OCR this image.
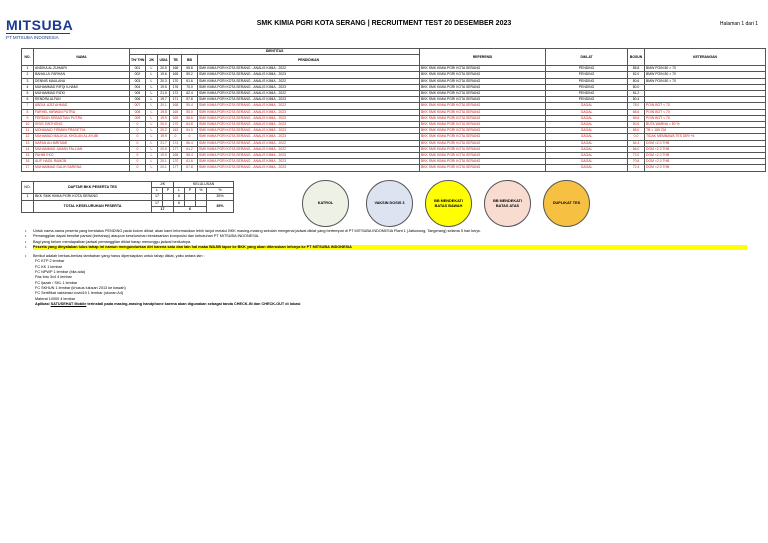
MITSUBA
PT MITSUBA INDONESIA
SMK KIMIA PGRI KOTA SERANG | RECRUITMENT TEST 20 DESEMBER 2023	Halaman 1 dari 1
NO.	NAMA	IDENTITAS						REFERENSI	DIKLAT	BOSUN	KETERANGAN
		TH/ THN	J/K	USIA	TB	BB	PENDIDIKAN				

1	ANDIKA AL ZUHAIRI	001	L	20.5	168	55.8	SMK KIMIA PGRI KOTA SERANG - ANALIS KIMIA - 2022	BKK SMK KIMIA PGRI KOTA SERANG	PENDING	85.8	BMW POIN 80 > 70
2	BAHALUL FARHAN	002	L	19.6	165	59.2	SMK KIMIA PGRI KOTA SERANG - ANALIS KIMIA - 2023	BKK SMK KIMIA PGRI KOTA SERANG	PENDING	82.0	BMW POIN 80 > 70
3	DENNIS MAULANA	003	L	20.3	170	61.6	SMK KIMIA PGRI KOTA SERANG - ANALIS KIMIA - 2022	BKK SMK KIMIA PGRI KOTA SERANG	PENDING	80.6	BMW POIN 80 > 70
4	MUHAMMAD RIFQI ILHAMI	004	L	19.5	176	70.0	SMK KIMIA PGRI KOTA SERANG - ANALIS KIMIA - 2023	BKK SMK KIMIA PGRI KOTA SERANG	PENDING	80.0	
5	MUHAMMAD RIZKI	005	L	21.0	172	62.4	SMK KIMIA PGRI KOTA SERANG - ANALIS KIMIA - 2022	BKK SMK KIMIA PGRI KOTA SERANG	PENDING	81.2	
6	RENDRA ALFAN	006	L	19.7	171	57.8	SMK KIMIA PGRI KOTA SERANG - ANALIS KIMIA - 2023	BKK SMK KIMIA PGRI KOTA SERANG	PENDING	80.4	
7	ABDUL AZIZ AHMAD	007	L	20.1	168	50.4	SMK KIMIA PGRI KOTA SERANG - ANALIS KIMIA - 2022	BKK SMK KIMIA PGRI KOTA SERANG	GAGAL	78.0	POIN BOT < 70
8	FARHEL NIRWAN PUTRA	008	L	19.8	165	55.0	SMK KIMIA PGRI KOTA SERANG - ANALIS KIMIA - 2023	BKK SMK KIMIA PGRI KOTA SERANG	GAGAL	68.6	POIN BOT < 70
9	FERDIAN SEBASTIAN PUTRA	009	L	19.9	169	58.6	SMK KIMIA PGRI KOTA SERANG - ANALIS KIMIA - 2023	BKK SMK KIMIA PGRI KOTA SERANG	GAGAL	65.6	POIN BOT < 70
10	IKSIS SINTHONG	0	L	20.0	170	64.8	SMK KIMIA PGRI KOTA SERANG - ANALIS KIMIA - 2023	BKK SMK KIMIA PGRI KOTA SERANG	GAGAL	50.6	BUTA WARNA > 50 %
11	MOHAMAD FIRMAN PRASETYA	0	L	20.2	163	54.0	SMK KIMIA PGRI KOTA SERANG - ANALIS KIMIA - 2023	BKK SMK KIMIA PGRI KOTA SERANG	GAGAL	68.0	TB < 165 CM
12	MUHAMAD MALIKUL KHOLAN AL AYUBI	0	L	19.9	0	0	SMK KIMIA PGRI KOTA SERANG - ANALIS KIMIA - 2023	BKK SMK KIMIA PGRI KOTA SERANG	GAGAL	0.0	TIDAK MEMBAWA TES DIRI +6
13	NAFAN ALHARITAMI	0	L	21.7	174	56.4	SMK KIMIA PGRI KOTA SERANG - ANALIS KIMIA - 2022	BKK SMK KIMIA PGRI KOTA SERANG	GAGAL	64.4	DGM <2.0 THB
14	MUHAMMAD JAMAN FALLIAN	0	L	20.6	177	61.2	SMK KIMIA PGRI KOTA SERANG - ANALIS KIMIA - 2022	BKK SMK KIMIA PGRI KOTA SERANG	GAGAL	66.0	DGM <2.0 THB
15	FAHMI EKO	0	L	19.9	168	58.4	SMK KIMIA PGRI KOTA SERANG - ANALIS KIMIA - 2023	BKK SMK KIMIA PGRI KOTA SERANG	GAGAL	72.0	DGM <2.0 THB
16	ALIF HASIL RAMON	0	L	20.1	170	61.6	SMK KIMIA PGRI KOTA SERANG - ANALIS KIMIA - 2023	BKK SMK KIMIA PGRI KOTA SERANG	GAGAL	70.6	DGM <2.0 THB
17	MUHAMMAD GALIH SARENA	0	L	20.1	177	67.8	SMK KIMIA PGRI KOTA SERANG - ANALIS KIMIA - 2023	BKK SMK KIMIA PGRI KOTA SERANG	GAGAL	72.4	DGM <2.0 THB
NO.	DAFTAR BKK PESERTA TES	J/K		KELULUSAN			
		L	P	L	P	%	%
1	BKK SMK KIMIA PGRI KOTA SERANG	17		6			35%
	TOTAL KESELURUHAN PESERTA	17		6			35%
		17		6			
KATROL	VAKSIN DOSIS 3
BB MENDEKATI BATAS BAWAH
BB MENDEKATI BATAS ATAS
DUPLIKAT TES
• Untuk nama-nama peserta yang berstatus PENDING pada kolom diklat, akan kami informasikan lebih lanjut melalui BKK masing-masing sekolah mengenai jadwal diklat yang bertempat di PT MITSUBA INDONESIA Plant 1 (Jatiuwung, Tangerang) selama 5 hari kerja.
• Pemanggilan dapat bersifat parsial (bertahap) ataupun keseluruhan berdasarkan komposisi dan kebutuhan PT MITSUBA INDONESIA.
• Bagi yang belum mendapatkan jadwal pemanggilan diklat harap menunggu jadwal berikutnya.
• Peserta yang dinyatakan lulus tahap ini namun mengundurkan diri karena satu dan lain hal maka WAJIB lapor ke BKK yang akan diteruskan infonya ke PT MITSUBA INDONESIA
• Berikut adalah berkas-berkas tambahan yang harus dipersiapkan untuk tahap diklat, yaitu antara lain :
FC KTP 2 lembar
FC KK 1 lembar
FC NPWP 1 lembar (bila ada)
Pas foto 3x4 4 lembar
FC Ijazah / SKL 1 lembar
FC SKHUN 1 lembar (khusus lulusan 2013 ke bawah)
FC Sertifikat vaksinasi covid19 1 lembar (ukuran A4)
Materai 10000 4 lembar
Aplikasi SATUSEHAT Mobile terinstall pada masing-masing handphone karena akan digunakan sebagai tanda CHECK-IN dan CHECK-OUT di lokasi
